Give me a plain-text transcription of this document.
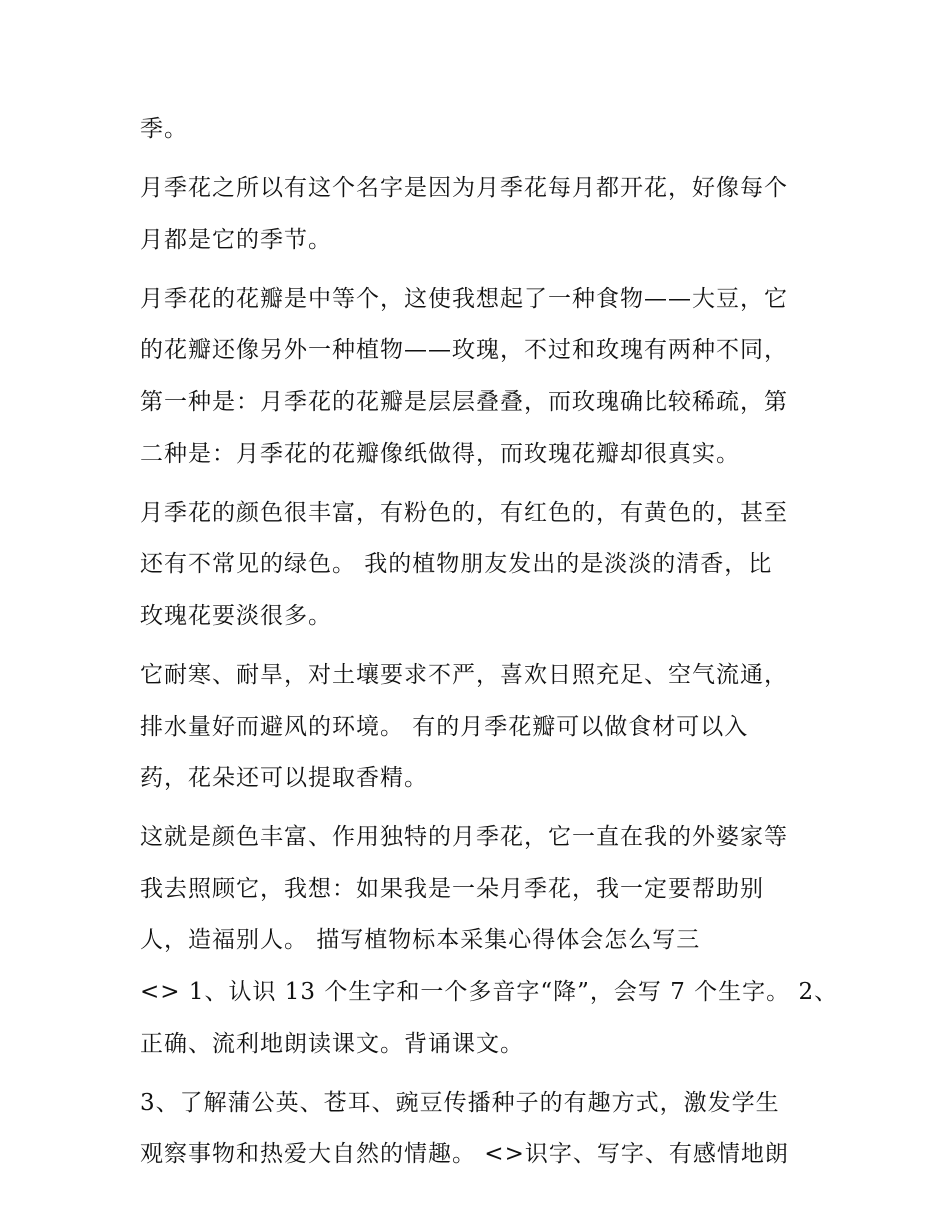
季。
月季花之所以有这个名字是因为月季花每月都开花，好像每个
月都是它的季节。
月季花的花瓣是中等个，这使我想起了一种食物——大豆，它
的花瓣还像另外一种植物——玫瑰，不过和玫瑰有两种不同，
第一种是：月季花的花瓣是层层叠叠，而玫瑰确比较稀疏，第
二种是：月季花的花瓣像纸做得，而玫瑰花瓣却很真实。
月季花的颜色很丰富，有粉色的，有红色的，有黄色的，甚至
还有不常见的绿色。 我的植物朋友发出的是淡淡的清香，比
玫瑰花要淡很多。
它耐寒、耐旱，对土壤要求不严，喜欢日照充足、空气流通，
排水量好而避风的环境。 有的月季花瓣可以做食材可以入
药，花朵还可以提取香精。
这就是颜色丰富、作用独特的月季花，它一直在我的外婆家等
我去照顾它，我想：如果我是一朵月季花，我一定要帮助别
人，造福别人。 描写植物标本采集心得体会怎么写三
<> 1、认识 13 个生字和一个多音字“降”，会写 7 个生字。 2、
正确、流利地朗读课文。背诵课文。
3、了解蒲公英、苍耳、豌豆传播种子的有趣方式，激发学生
观察事物和热爱大自然的情趣。 <>识字、写字、有感情地朗
